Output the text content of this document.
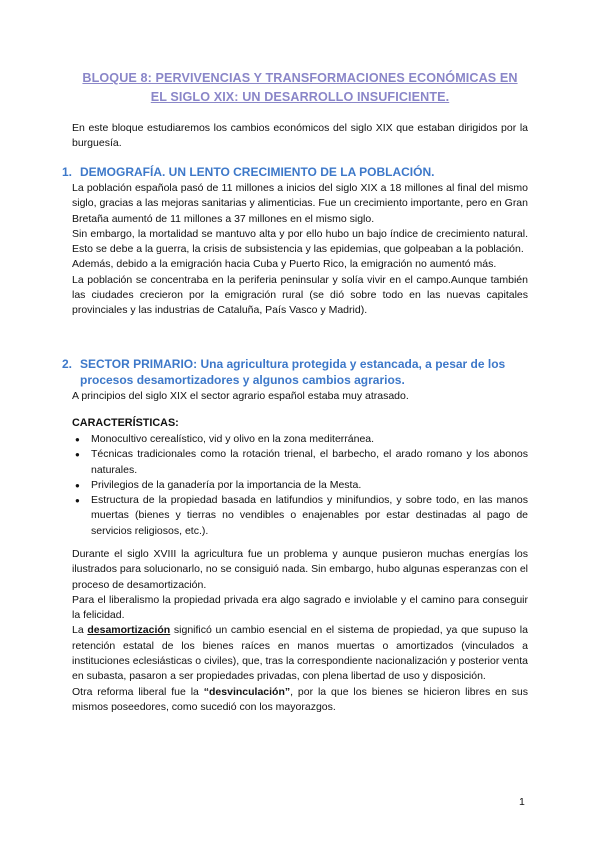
BLOQUE 8: PERVIVENCIAS Y TRANSFORMACIONES ECONÓMICAS EN
EL SIGLO XIX: UN DESARROLLO INSUFICIENTE.
En este bloque estudiaremos los cambios económicos del siglo XIX que estaban dirigidos por la burguesía.
1. DEMOGRAFÍA. UN LENTO CRECIMIENTO DE LA POBLACIÓN.
La población española pasó de 11 millones a inicios del siglo XIX a 18 millones al final del mismo siglo, gracias a las mejoras sanitarias y alimenticias. Fue un crecimiento importante, pero en Gran Bretaña aumentó de 11 millones a 37 millones en el mismo siglo.
Sin embargo, la mortalidad se mantuvo alta y por ello hubo un bajo índice de crecimiento natural. Esto se debe a la guerra, la crisis de subsistencia y las epidemias, que golpeaban a la población.
Además, debido a la emigración hacia Cuba y Puerto Rico, la emigración no aumentó más.
La población se concentraba en la periferia peninsular y solía vivir en el campo.Aunque también las ciudades crecieron por la emigración rural (se dió sobre todo en las nuevas capitales provinciales y las industrias de Cataluña, País Vasco y Madrid).
2. SECTOR PRIMARIO: Una agricultura protegida y estancada, a pesar de los
procesos desamortizadores y algunos cambios agrarios.
A principios del siglo XIX el sector agrario español estaba muy atrasado.
CARACTERÍSTICAS:
● Monocultivo cerealístico, vid y olivo en la zona mediterránea.
● Técnicas tradicionales como la rotación trienal, el barbecho, el arado romano y los abonos naturales.
● Privilegios de la ganadería por la importancia de la Mesta.
● Estructura de la propiedad basada en latifundios y minifundios, y sobre todo, en las manos muertas (bienes y tierras no vendibles o enajenables por estar destinadas al pago de servicios religiosos, etc.).
Durante el siglo XVIII la agricultura fue un problema y aunque pusieron muchas energías los ilustrados para solucionarlo, no se consiguió nada. Sin embargo, hubo algunas esperanzas con el proceso de desamortización.
Para el liberalismo la propiedad privada era algo sagrado e inviolable y el camino para conseguir la felicidad.
La desamortización significó un cambio esencial en el sistema de propiedad, ya que supuso la retención estatal de los bienes raíces en manos muertas o amortizados (vinculados a instituciones eclesiásticas o civiles), que, tras la correspondiente nacionalización y posterior venta en subasta, pasaron a ser propiedades privadas, con plena libertad de uso y disposición.
Otra reforma liberal fue la “desvinculación”, por la que los bienes se hicieron libres en sus mismos poseedores, como sucedió con los mayorazgos.
1
